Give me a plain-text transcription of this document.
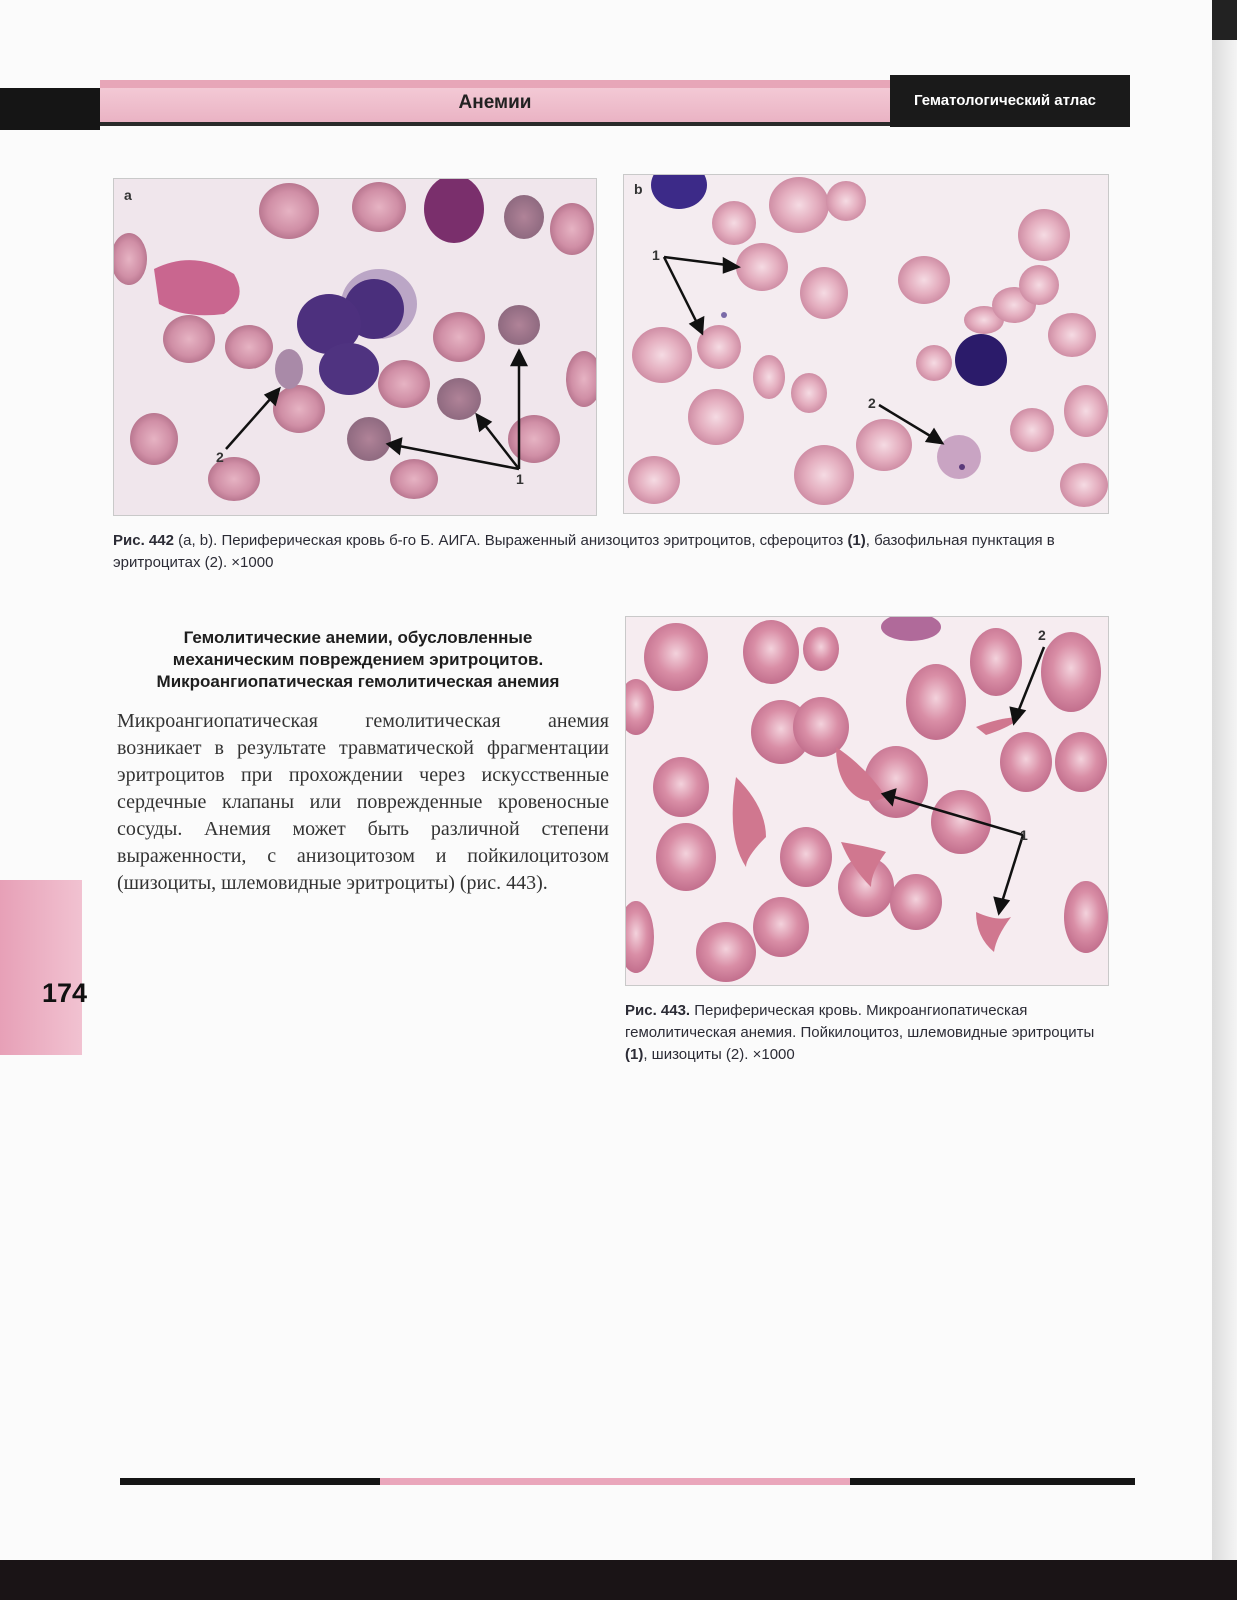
Анемии	Гематологический атлас
a
1
2
b
1
2
Рис. 442 (a, b). Периферическая кровь б-го Б. АИГА. Выраженный анизоцитоз эритроцитов, сфероцитоз (1), базофильная пунктация в эритроцитах (2). ×1000
Гемолитические анемии, обусловленные
механическим повреждением эритроцитов.
Микроангиопатическая гемолитическая анемия
Микроангиопатическая гемолитическая анемия возникает в результате травматической фрагментации эритроцитов при прохождении через искусственные сердечные клапаны или поврежденные кровеносные сосуды. Анемия может быть различной степени выраженности, с анизоцитозом и пойкилоцитозом (шизоциты, шлемовидные эритроциты) (рис. 443).
1
2
Рис. 443. Периферическая кровь. Микроангиопатическая гемолитическая анемия. Пойкилоцитоз, шлемовидные эритроциты (1), шизоциты (2). ×1000
174
